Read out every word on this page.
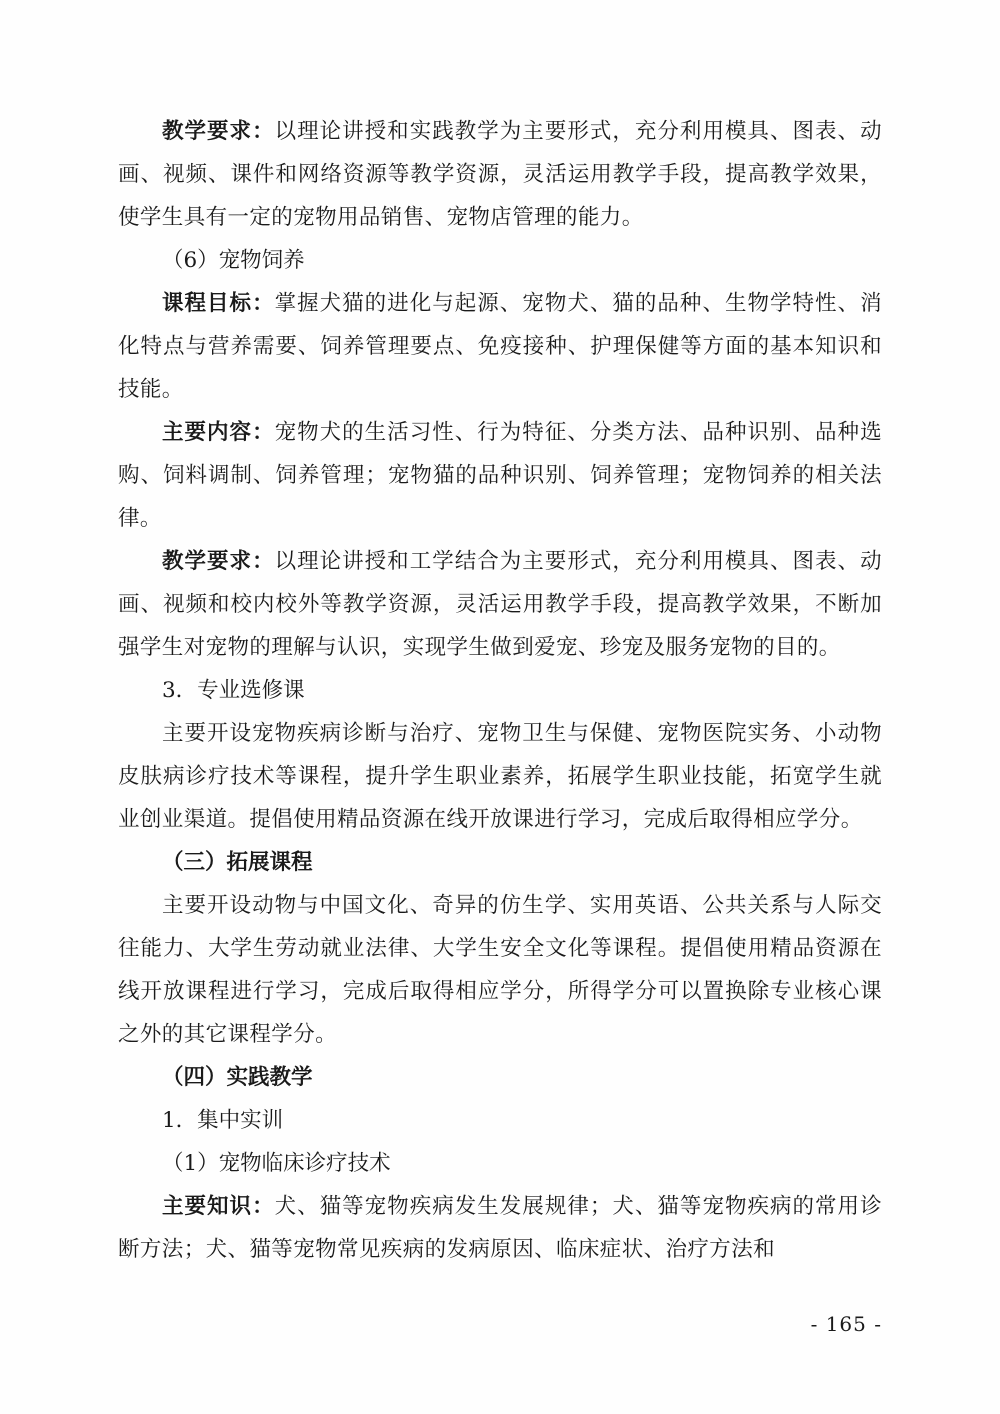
教学要求：以理论讲授和实践教学为主要形式，充分利用模具、图表、动画、视频、课件和网络资源等教学资源，灵活运用教学手段，提高教学效果，使学生具有一定的宠物用品销售、宠物店管理的能力。

（6）宠物饲养

课程目标：掌握犬猫的进化与起源、宠物犬、猫的品种、生物学特性、消化特点与营养需要、饲养管理要点、免疫接种、护理保健等方面的基本知识和技能。

主要内容：宠物犬的生活习性、行为特征、分类方法、品种识别、品种选购、饲料调制、饲养管理；宠物猫的品种识别、饲养管理；宠物饲养的相关法律。

教学要求：以理论讲授和工学结合为主要形式，充分利用模具、图表、动画、视频和校内校外等教学资源，灵活运用教学手段，提高教学效果，不断加强学生对宠物的理解与认识，实现学生做到爱宠、珍宠及服务宠物的目的。

3．专业选修课

主要开设宠物疾病诊断与治疗、宠物卫生与保健、宠物医院实务、小动物皮肤病诊疗技术等课程，提升学生职业素养，拓展学生职业技能，拓宽学生就业创业渠道。提倡使用精品资源在线开放课进行学习，完成后取得相应学分。

（三）拓展课程

主要开设动物与中国文化、奇异的仿生学、实用英语、公共关系与人际交往能力、大学生劳动就业法律、大学生安全文化等课程。提倡使用精品资源在线开放课程进行学习，完成后取得相应学分，所得学分可以置换除专业核心课之外的其它课程学分。

（四）实践教学

1．集中实训

（1）宠物临床诊疗技术

主要知识：犬、猫等宠物疾病发生发展规律；犬、猫等宠物疾病的常用诊断方法；犬、猫等宠物常见疾病的发病原因、临床症状、治疗方法和

- 165 -
